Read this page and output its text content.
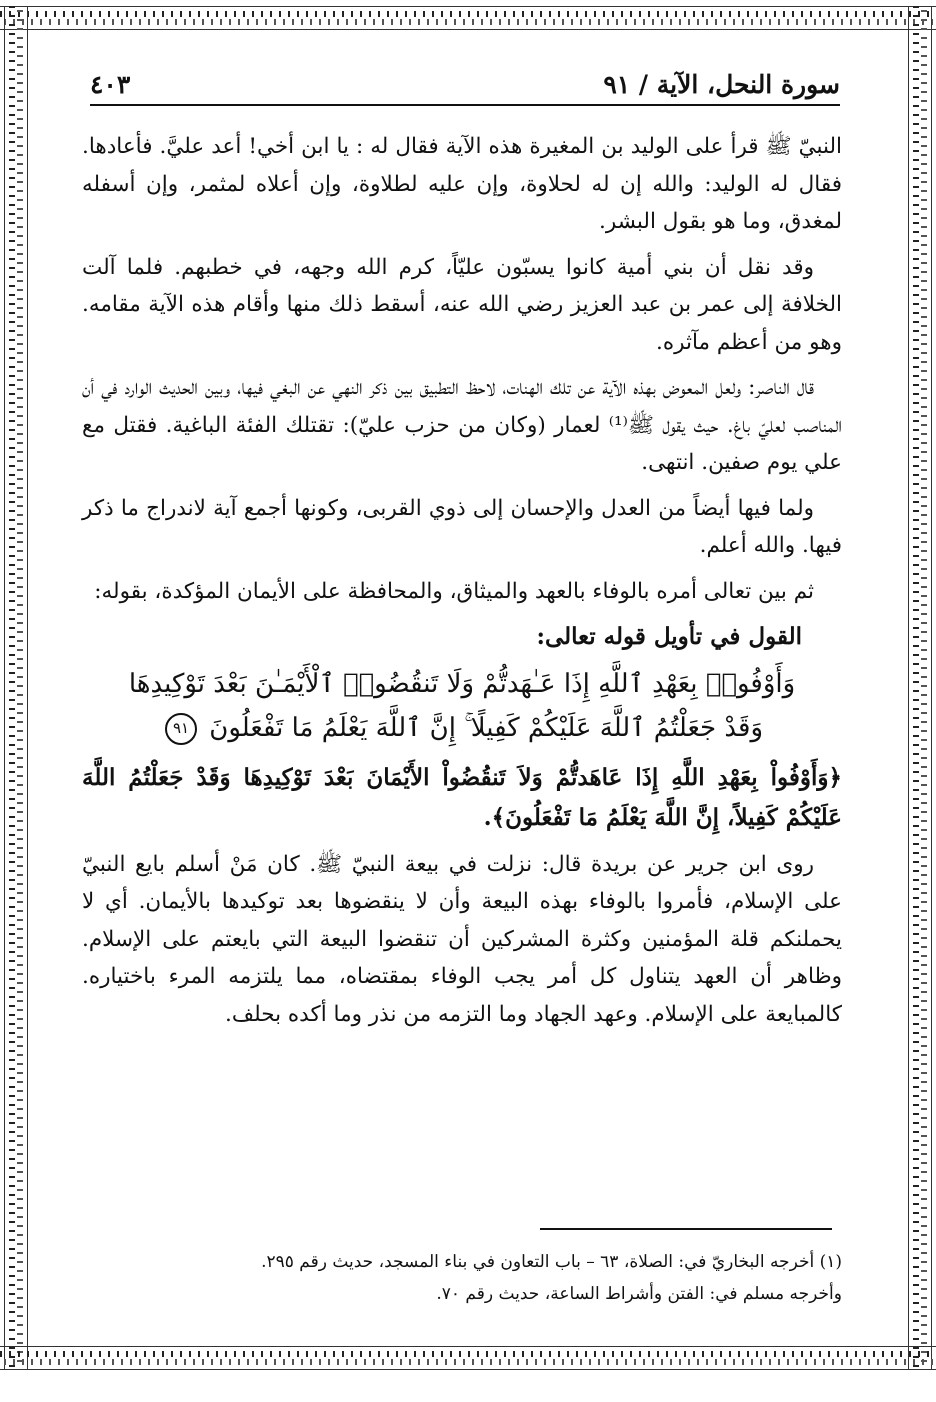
سورة النحل، الآية / ٩١
٤٠٣

النبيّ ﷺ قرأ على الوليد بن المغيرة هذه الآية فقال له : يا ابن أخي! أعد عليَّ. فأعادها. فقال له الوليد: والله إن له لحلاوة، وإن عليه لطلاوة، وإن أعلاه لمثمر، وإن أسفله لمغدق، وما هو بقول البشر.

وقد نقل أن بني أمية كانوا يسبّون عليّاً، كرم الله وجهه، في خطبهم. فلما آلت الخلافة إلى عمر بن عبد العزيز رضي الله عنه، أسقط ذلك منها وأقام هذه الآية مقامه. وهو من أعظم مآثره.

قال الناصر: ولعل المعوض بهذه الآية عن تلك الهنات، لاحظ التطبيق بين ذكر النهي عن البغي فيها، وبين الحديث الوارد في أن المناصب لعليّ باغ. حيث يقول ﷺ⁽¹⁾ لعمار (وكان من حزب عليّ): تقتلك الفئة الباغية. فقتل مع علي يوم صفين. انتهى.

ولما فيها أيضاً من العدل والإحسان إلى ذوي القربى، وكونها أجمع آية لاندراج ما ذكر فيها. والله أعلم.

ثم بين تعالى أمره بالوفاء بالعهد والميثاق، والمحافظة على الأيمان المؤكدة، بقوله:

القول في تأويل قوله تعالى:
وَأَوْفُوا۟ بِعَهْدِ ٱللَّهِ إِذَا عَـٰهَدتُّمْ وَلَا تَنقُضُوا۟ ٱلْأَيْمَـٰنَ بَعْدَ تَوْكِيدِهَا
وَقَدْ جَعَلْتُمُ ٱللَّهَ عَلَيْكُمْ كَفِيلًا ۚ إِنَّ ٱللَّهَ يَعْلَمُ مَا تَفْعَلُونَ ٩١

﴿وَأَوْفُواْ بِعَهْدِ اللَّهِ إِذَا عَاهَدتُّمْ وَلاَ تَنقُضُواْ الأَيْمَانَ بَعْدَ تَوْكِيدِهَا وَقَدْ جَعَلْتُمُ اللَّهَ عَلَيْكُمْ كَفِيلاً، إِنَّ اللَّهَ يَعْلَمُ مَا تَفْعَلُونَ﴾.

روى ابن جرير عن بريدة قال: نزلت في بيعة النبيّ ﷺ. كان مَنْ أسلم بايع النبيّ على الإسلام، فأمروا بالوفاء بهذه البيعة وأن لا ينقضوها بعد توكيدها بالأيمان. أي لا يحملنكم قلة المؤمنين وكثرة المشركين أن تنقضوا البيعة التي بايعتم على الإسلام. وظاهر أن العهد يتناول كل أمر يجب الوفاء بمقتضاه، مما يلتزمه المرء باختياره. كالمبايعة على الإسلام. وعهد الجهاد وما التزمه من نذر وما أكده بحلف.

(١) أخرجه البخاريّ في: الصلاة، ٦٣ – باب التعاون في بناء المسجد، حديث رقم ٢٩٥.
وأخرجه مسلم في: الفتن وأشراط الساعة، حديث رقم ٧٠.
